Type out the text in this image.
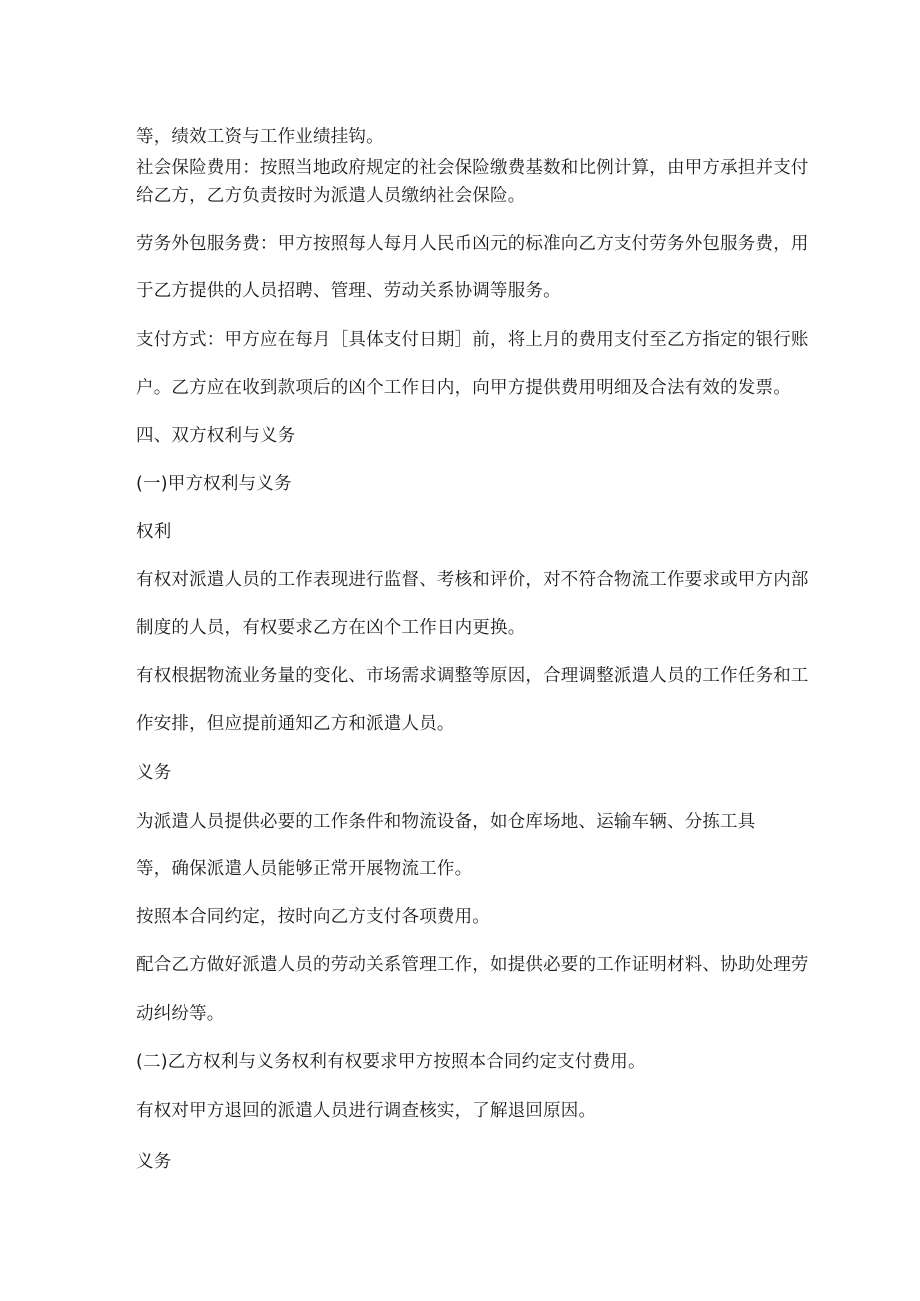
等，绩效工资与工作业绩挂钩。
社会保险费用：按照当地政府规定的社会保险缴费基数和比例计算，由甲方承担并支付
给乙方，乙方负责按时为派遣人员缴纳社会保险。
劳务外包服务费：甲方按照每人每月人民币凶元的标准向乙方支付劳务外包服务费，用
于乙方提供的人员招聘、管理、劳动关系协调等服务。
支付方式：甲方应在每月［具体支付日期］前，将上月的费用支付至乙方指定的银行账
户。乙方应在收到款项后的凶个工作日内，向甲方提供费用明细及合法有效的发票。
四、双方权利与义务
(一)甲方权利与义务
权利
有权对派遣人员的工作表现进行监督、考核和评价，对不符合物流工作要求或甲方内部
制度的人员，有权要求乙方在凶个工作日内更换。
有权根据物流业务量的变化、市场需求调整等原因，合理调整派遣人员的工作任务和工
作安排，但应提前通知乙方和派遣人员。
义务
为派遣人员提供必要的工作条件和物流设备，如仓库场地、运输车辆、分拣工具
等，确保派遣人员能够正常开展物流工作。
按照本合同约定，按时向乙方支付各项费用。
配合乙方做好派遣人员的劳动关系管理工作，如提供必要的工作证明材料、协助处理劳
动纠纷等。
(二)乙方权利与义务权利有权要求甲方按照本合同约定支付费用。
有权对甲方退回的派遣人员进行调查核实，了解退回原因。
义务
